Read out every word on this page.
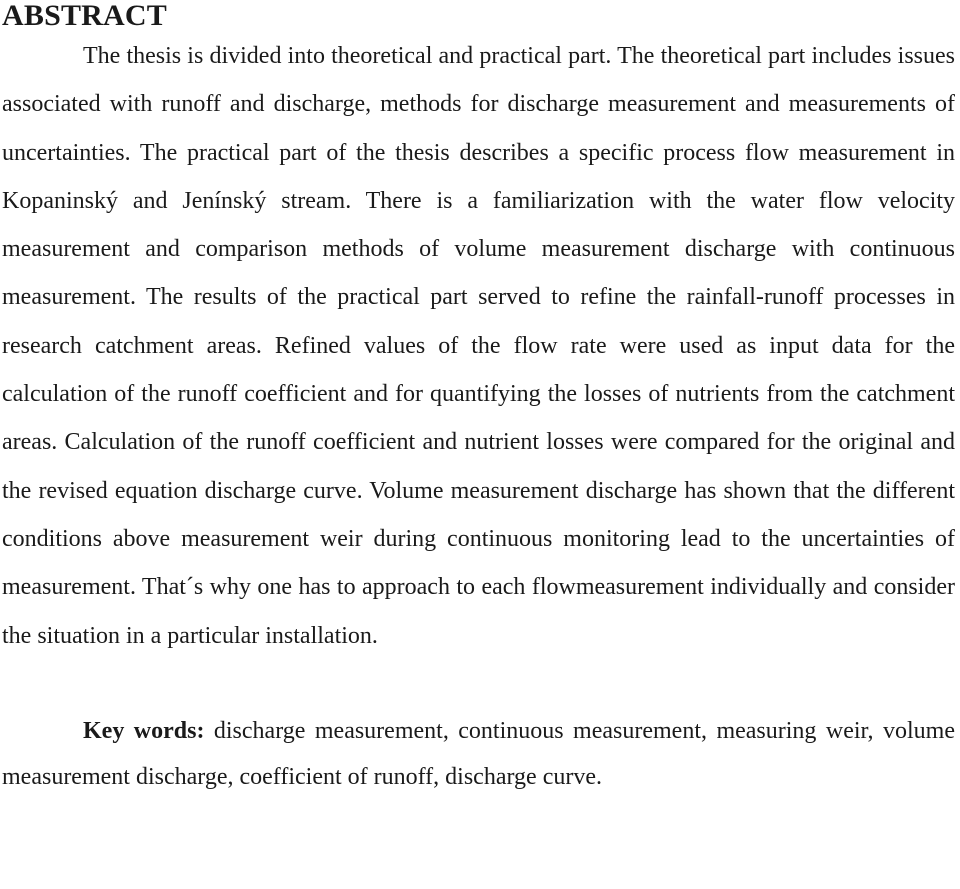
ABSTRACT

The thesis is divided into theoretical and practical part. The theoretical part includes issues associated with runoff and discharge, methods for discharge measurement and measurements of uncertainties. The practical part of the thesis describes a specific process flow measurement in Kopaninský and Jenínský stream. There is a familiarization with the water flow velocity measurement and comparison methods of volume measurement discharge with continuous measurement. The results of the practical part served to refine the rainfall-runoff processes in research catchment areas. Refined values of the flow rate were used as input data for the calculation of the runoff coefficient and for quantifying the losses of nutrients from the catchment areas. Calculation of the runoff coefficient and nutrient losses were compared for the original and the revised equation discharge curve. Volume measurement discharge has shown that the different conditions above measurement weir during continuous monitoring lead to the uncertainties of measurement. That´s why one has to approach to each flowmeasurement individually and consider the situation in a particular installation.

Key words: discharge measurement, continuous measurement, measuring weir, volume measurement discharge, coefficient of runoff, discharge curve.
